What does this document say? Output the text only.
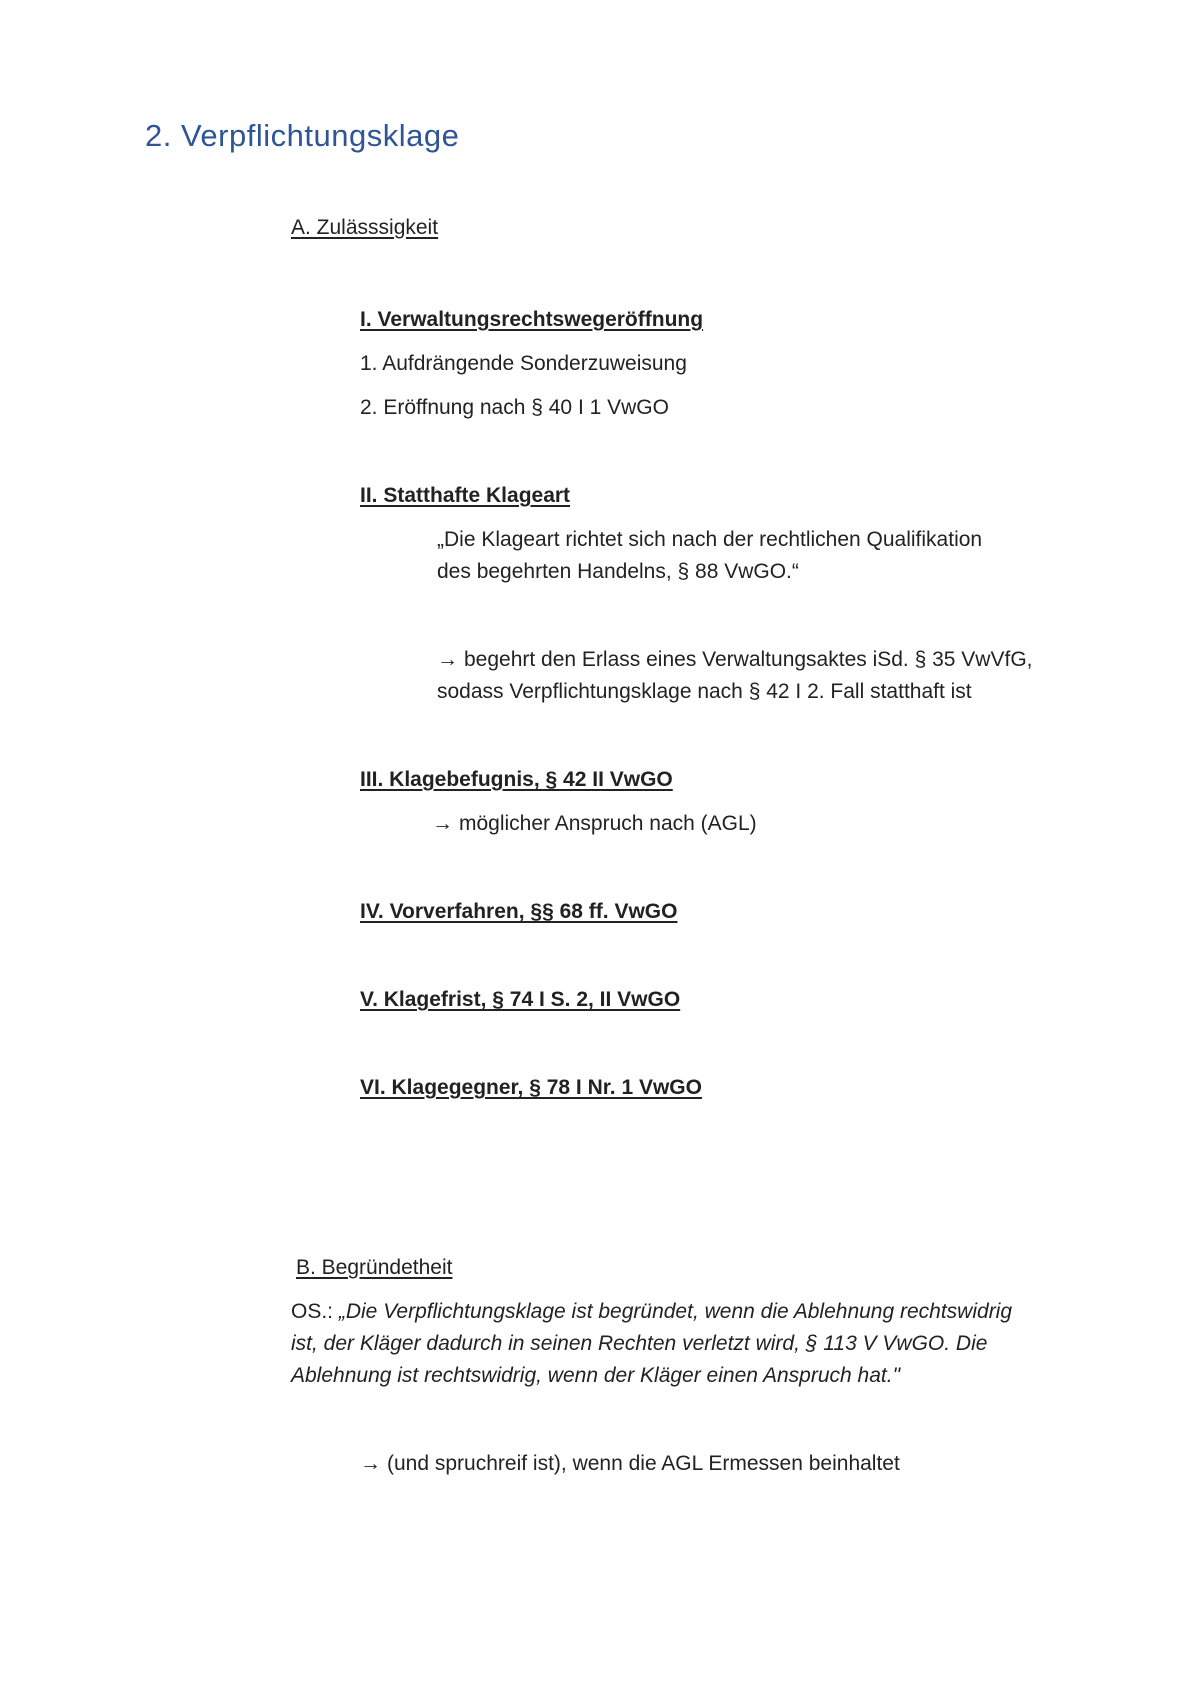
2. Verpflichtungsklage
A. Zulässsigkeit
I. Verwaltungsrechtswegeröffnung
1. Aufdrängende Sonderzuweisung
2. Eröffnung nach § 40 I 1 VwGO
II. Statthafte Klageart
„Die Klageart richtet sich nach der rechtlichen Qualifikation
des begehrten Handelns, § 88 VwGO.“
→ begehrt den Erlass eines Verwaltungsaktes iSd. § 35 VwVfG,
sodass Verpflichtungsklage nach § 42 I 2. Fall statthaft ist
III. Klagebefugnis, § 42 II VwGO
→ möglicher Anspruch nach (AGL)
IV. Vorverfahren, §§ 68 ff. VwGO
V. Klagefrist, § 74 I S. 2, II VwGO
VI. Klagegegner, § 78 I Nr. 1 VwGO
B. Begründetheit
OS.: „Die Verpflichtungsklage ist begründet, wenn die Ablehnung rechtswidrig
ist, der Kläger dadurch in seinen Rechten verletzt wird, § 113 V VwGO. Die
Ablehnung ist rechtswidrig, wenn der Kläger einen Anspruch hat."
→ (und spruchreif ist), wenn die AGL Ermessen beinhaltet
